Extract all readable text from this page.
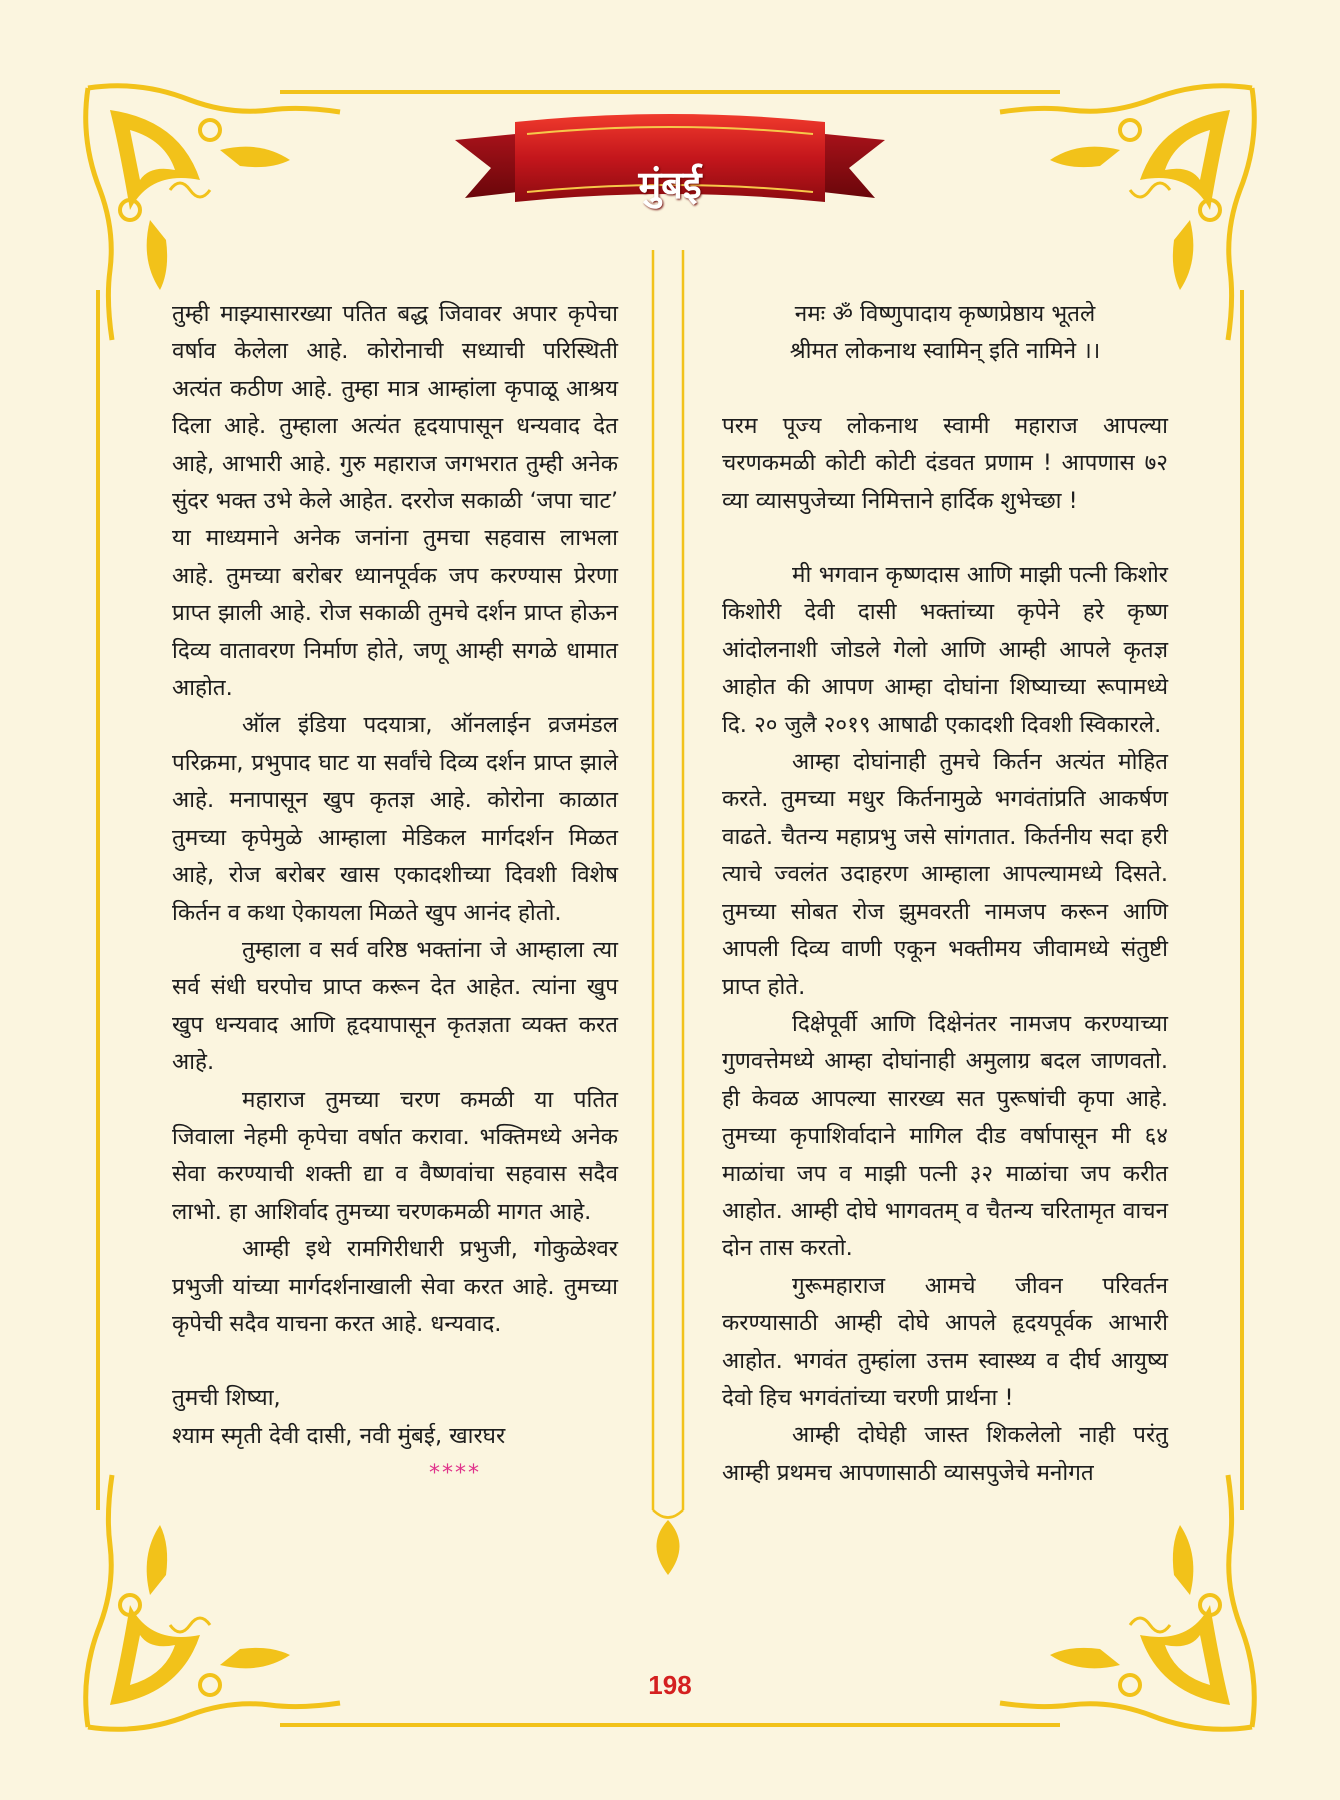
मुंबई

तुम्ही माझ्यासारख्या पतित बद्ध जिवावर अपार कृपेचा वर्षाव केलेला आहे. कोरोनाची सध्याची परिस्थिती अत्यंत कठीण आहे. तुम्हा मात्र आम्हांला कृपाळू आश्रय दिला आहे. तुम्हाला अत्यंत हृदयापासून धन्यवाद देत आहे, आभारी आहे. गुरु महाराज जगभरात तुम्ही अनेक सुंदर भक्त उभे केले आहेत. दररोज सकाळी ‘जपा चाट’ या माध्यमाने अनेक जनांना तुमचा सहवास लाभला आहे. तुमच्या बरोबर ध्यानपूर्वक जप करण्यास प्रेरणा प्राप्त झाली आहे. रोज सकाळी तुमचे दर्शन प्राप्त होऊन दिव्य वातावरण निर्माण होते, जणू आम्ही सगळे धामात आहोत.

ऑल इंडिया पदयात्रा, ऑनलाईन व्रजमंडल परिक्रमा, प्रभुपाद घाट या सर्वांचे दिव्य दर्शन प्राप्त झाले आहे. मनापासून खुप कृतज्ञ आहे. कोरोना काळात तुमच्या कृपेमुळे आम्हाला मेडिकल मार्गदर्शन मिळत आहे, रोज बरोबर खास एकादशीच्या दिवशी विशेष किर्तन व कथा ऐकायला मिळते खुप आनंद होतो.

तुम्हाला व सर्व वरिष्ठ भक्तांना जे आम्हाला त्या सर्व संधी घरपोच प्राप्त करून देत आहेत. त्यांना खुप खुप धन्यवाद आणि हृदयापासून कृतज्ञता व्यक्त करत आहे.

महाराज तुमच्या चरण कमळी या पतित जिवाला नेहमी कृपेचा वर्षात करावा. भक्तिमध्ये अनेक सेवा करण्याची शक्ती द्या व वैष्णवांचा सहवास सदैव लाभो. हा आशिर्वाद तुमच्या चरणकमळी मागत आहे.

आम्ही इथे रामगिरीधारी प्रभुजी, गोकुळेश्वर प्रभुजी यांच्या मार्गदर्शनाखाली सेवा करत आहे. तुमच्या कृपेची सदैव याचना करत आहे. धन्यवाद.

तुमची शिष्या,

श्याम स्मृती देवी दासी, नवी मुंबई, खारघर

****

नमः ॐ विष्णुपादाय कृष्णप्रेष्ठाय भूतले

श्रीमत लोकनाथ स्वामिन् इति नामिने ।।

परम पूज्य लोकनाथ स्वामी महाराज आपल्या चरणकमळी कोटी कोटी दंडवत प्रणाम ! आपणास ७२ व्या व्यासपुजेच्या निमित्ताने हार्दिक शुभेच्छा !

मी भगवान कृष्णदास आणि माझी पत्नी किशोर किशोरी देवी दासी भक्तांच्या कृपेने हरे कृष्ण आंदोलनाशी जोडले गेलो आणि आम्ही आपले कृतज्ञ आहोत की आपण आम्हा दोघांना शिष्याच्या रूपामध्ये दि. २० जुलै २०१९ आषाढी एकादशी दिवशी स्विकारले.

आम्हा दोघांनाही तुमचे किर्तन अत्यंत मोहित करते. तुमच्या मधुर किर्तनामुळे भगवंतांप्रति आकर्षण वाढते. चैतन्य महाप्रभु जसे सांगतात. किर्तनीय सदा हरी त्याचे ज्वलंत उदाहरण आम्हाला आपल्यामध्ये दिसते. तुमच्या सोबत रोज झुमवरती नामजप करून आणि आपली दिव्य वाणी एकून भक्तीमय जीवामध्ये संतुष्टी प्राप्त होते.

दिक्षेपूर्वी आणि दिक्षेनंतर नामजप करण्याच्या गुणवत्तेमध्ये आम्हा दोघांनाही अमुलाग्र बदल जाणवतो. ही केवळ आपल्या सारख्य सत पुरूषांची कृपा आहे. तुमच्या कृपाशिर्वादाने मागिल दीड वर्षापासून मी ६४ माळांचा जप व माझी पत्नी ३२ माळांचा जप करीत आहोत. आम्ही दोघे भागवतम् व चैतन्य चरितामृत वाचन दोन तास करतो.

गुरूमहाराज आमचे जीवन परिवर्तन करण्यासाठी आम्ही दोघे आपले हृदयपूर्वक आभारी आहोत. भगवंत तुम्हांला उत्तम स्वास्थ्य व दीर्घ आयुष्य देवो हिच भगवंतांच्या चरणी प्रार्थना !

आम्ही दोघेही जास्त शिकलेलो नाही परंतु आम्ही प्रथमच आपणासाठी व्यासपुजेचे मनोगत

198
